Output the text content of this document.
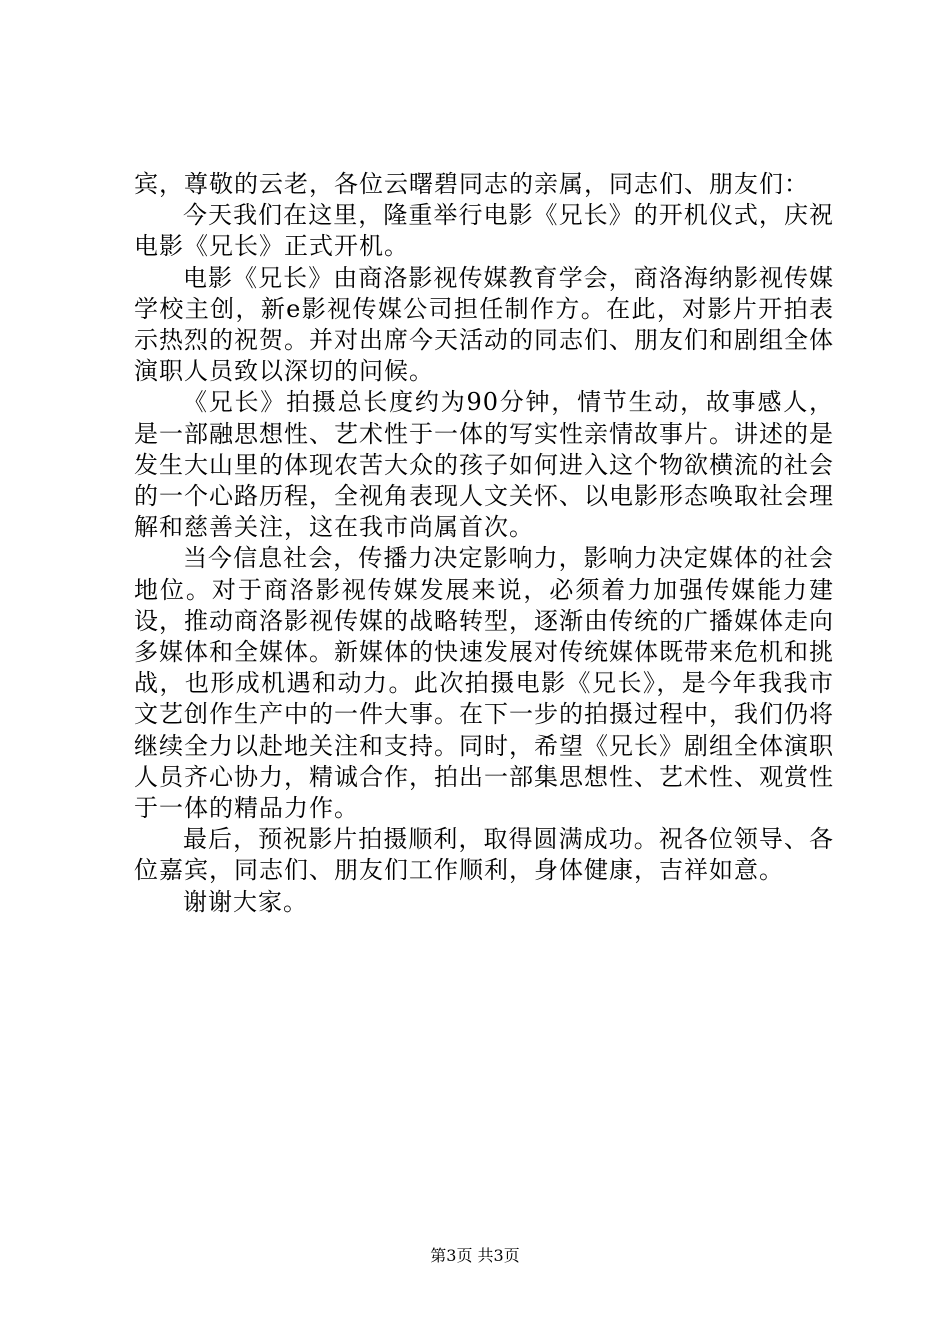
宾，尊敬的云老，各位云曙碧同志的亲属，同志们、朋友们：

今天我们在这里，隆重举行电影《兄长》的开机仪式，庆祝电影《兄长》正式开机。

电影《兄长》由商洛影视传媒教育学会，商洛海纳影视传媒学校主创，新e影视传媒公司担任制作方。在此，对影片开拍表示热烈的祝贺。并对出席今天活动的同志们、朋友们和剧组全体演职人员致以深切的问候。

《兄长》拍摄总长度约为90分钟，情节生动，故事感人，是一部融思想性、艺术性于一体的写实性亲情故事片。讲述的是发生大山里的体现农苦大众的孩子如何进入这个物欲横流的社会的一个心路历程，全视角表现人文关怀、以电影形态唤取社会理解和慈善关注，这在我市尚属首次。

当今信息社会，传播力决定影响力，影响力决定媒体的社会地位。对于商洛影视传媒发展来说，必须着力加强传媒能力建设，推动商洛影视传媒的战略转型，逐渐由传统的广播媒体走向多媒体和全媒体。新媒体的快速发展对传统媒体既带来危机和挑战，也形成机遇和动力。此次拍摄电影《兄长》，是今年我我市文艺创作生产中的一件大事。在下一步的拍摄过程中，我们仍将继续全力以赴地关注和支持。同时，希望《兄长》剧组全体演职人员齐心协力，精诚合作，拍出一部集思想性、艺术性、观赏性于一体的精品力作。

最后，预祝影片拍摄顺利，取得圆满成功。祝各位领导、各位嘉宾，同志们、朋友们工作顺利，身体健康，吉祥如意。

谢谢大家。

第3页 共3页
